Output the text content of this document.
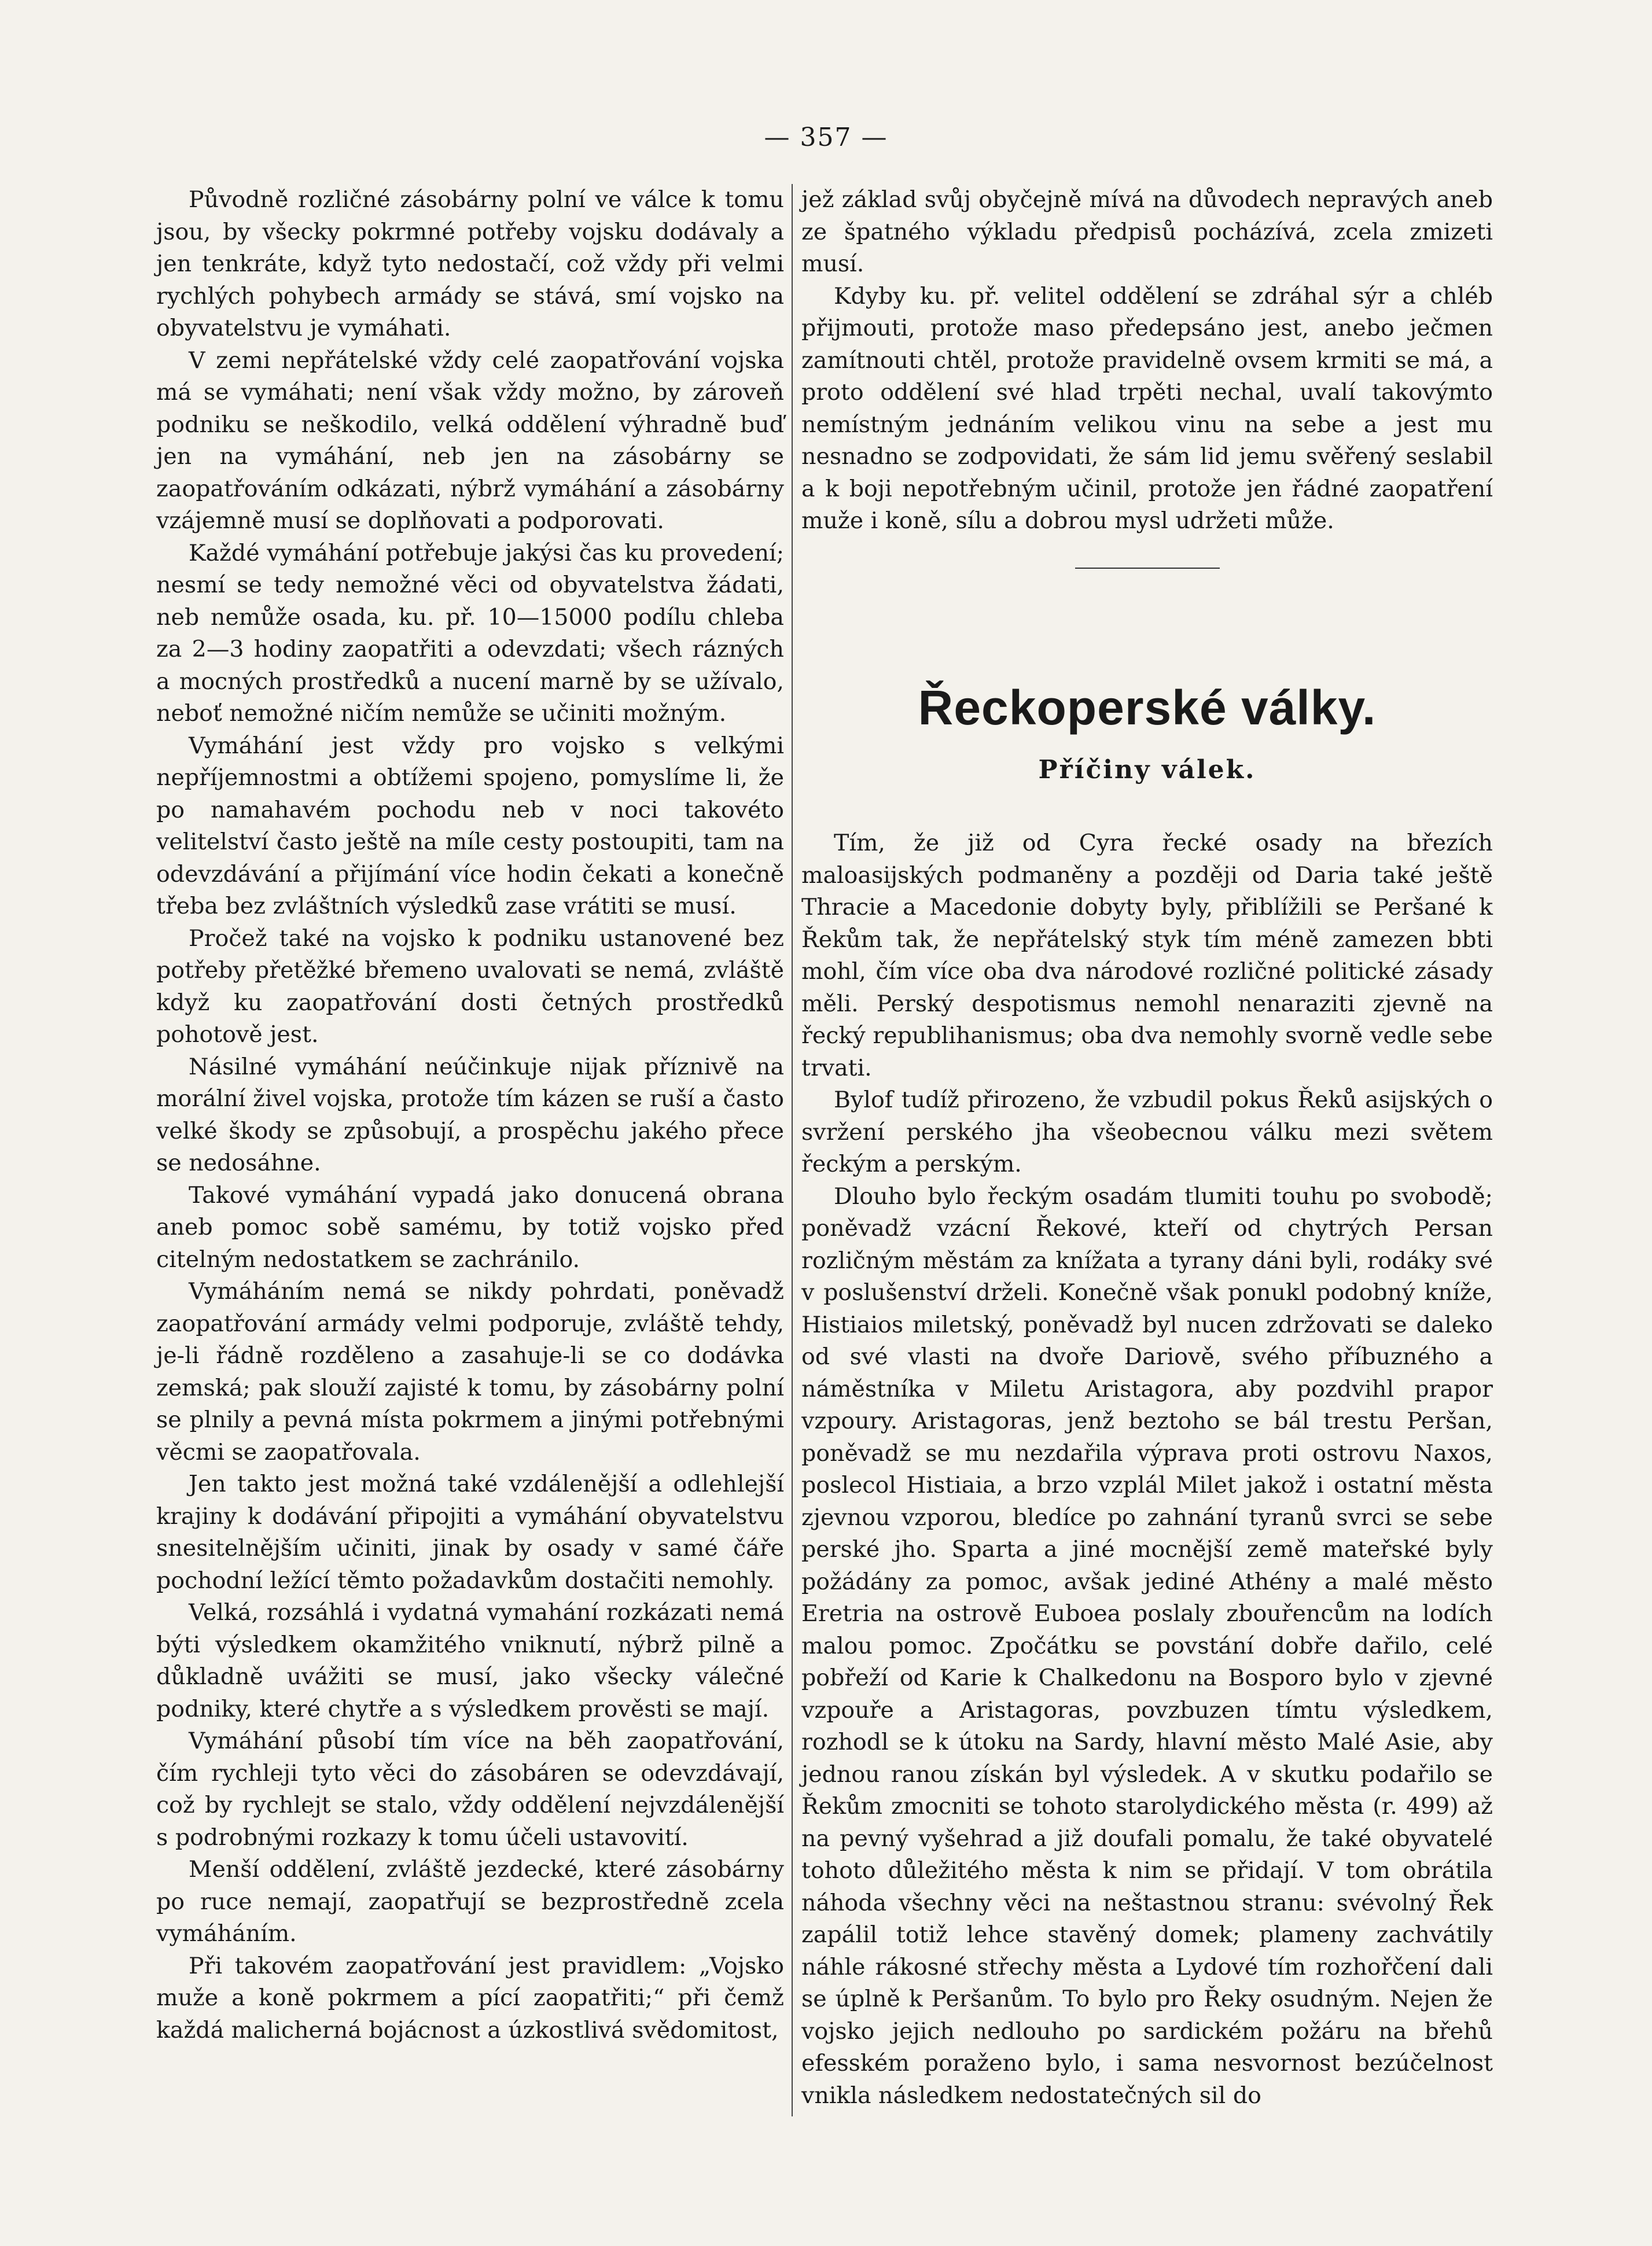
— 357 —

Původně rozličné zásobárny polní ve válce k tomu jsou, by všecky pokrmné potřeby vojsku dodávaly a jen tenkráte, když tyto nedostačí, což vždy při velmi rychlých pohybech armády se stává, smí vojsko na obyvatelstvu je vymáhati.

V zemi nepřátelské vždy celé zaopatřování vojska má se vymáhati; není však vždy možno, by zároveň podniku se neškodilo, velká oddělení výhradně buď jen na vymáhání, neb jen na zásobárny se zaopatřováním odkázati, nýbrž vymáhání a zásobárny vzájemně musí se doplňovati a podporovati.

Každé vymáhání potřebuje jakýsi čas ku provedení; nesmí se tedy nemožné věci od obyvatelstva žádati, neb nemůže osada, ku. př. 10—15000 podílu chleba za 2—3 hodiny zaopatřiti a odevzdati; všech rázných a mocných prostředků a nucení marně by se užívalo, neboť nemožné ničím nemůže se učiniti možným.

Vymáhání jest vždy pro vojsko s velkými nepříjemnostmi a obtížemi spojeno, pomyslíme li, že po namahavém pochodu neb v noci takovéto velitelství často ještě na míle cesty postoupiti, tam na odevzdávání a přijímání více hodin čekati a konečně třeba bez zvláštních výsledků zase vrátiti se musí.

Pročež také na vojsko k podniku ustanovené bez potřeby přetěžké břemeno uvalovati se nemá, zvláště když ku zaopatřování dosti četných prostředků pohotově jest.

Násilné vymáhání neúčinkuje nijak příznivě na morální živel vojska, protože tím kázen se ruší a často velké škody se způsobují, a prospěchu jakého přece se nedosáhne.

Takové vymáhání vypadá jako donucená obrana aneb pomoc sobě samému, by totiž vojsko před citelným nedostatkem se zachránilo.

Vymáháním nemá se nikdy pohrdati, poněvadž zaopatřování armády velmi podporuje, zvláště tehdy, je-li řádně rozděleno a zasahuje-li se co dodávka zemská; pak slouží zajisté k tomu, by zásobárny polní se plnily a pevná místa pokrmem a jinými potřebnými věcmi se zaopatřovala.

Jen takto jest možná také vzdálenější a odlehlejší krajiny k dodávání připojiti a vymáhání obyvatelstvu snesitelnějším učiniti, jinak by osady v samé čáře pochodní ležící těmto požadavkům dostačiti nemohly.

Velká, rozsáhlá i vydatná vymahání rozkázati nemá býti výsledkem okamžitého vniknutí, nýbrž pilně a důkladně uvážiti se musí, jako všecky válečné podniky, které chytře a s výsledkem prověsti se mají.

Vymáhání působí tím více na běh zaopatřování, čím rychleji tyto věci do zásobáren se odevzdávají, což by rychlejt se stalo, vždy oddělení nejvzdálenější s podrobnými rozkazy k tomu účeli ustavovití.

Menší oddělení, zvláště jezdecké, které zásobárny po ruce nemají, zaopatřují se bezprostředně zcela vymáháním.

Při takovém zaopatřování jest pravidlem: „Vojsko muže a koně pokrmem a pící zaopatřiti;“ při čemž každá malicherná bojácnost a úzkostlivá svědomitost,

jež základ svůj obyčejně mívá na důvodech nepravých aneb ze špatného výkladu předpisů pocházívá, zcela zmizeti musí.

Kdyby ku. př. velitel oddělení se zdráhal sýr a chléb přijmouti, protože maso předepsáno jest, anebo ječmen zamítnouti chtěl, protože pravidelně ovsem krmiti se má, a proto oddělení své hlad trpěti nechal, uvalí takovýmto nemístným jednáním velikou vinu na sebe a jest mu nesnadno se zodpovidati, že sám lid jemu svěřený seslabil a k boji nepotřebným učinil, protože jen řádné zaopatření muže i koně, sílu a dobrou mysl udržeti může.

Řeckoperské války.
Příčiny válek.

Tím, že již od Cyra řecké osady na březích maloasijských podmaněny a později od Daria také ještě Thracie a Macedonie dobyty byly, přiblížili se Peršané k Řekům tak, že nepřátelský styk tím méně zamezen bbti mohl, čím více oba dva národové rozličné politické zásady měli. Perský despotismus nemohl nenaraziti zjevně na řecký republihanismus; oba dva nemohly svorně vedle sebe trvati.

Bylof tudíž přirozeno, že vzbudil pokus Řeků asijských o svržení perského jha všeobecnou válku mezi světem řeckým a perským.

Dlouho bylo řeckým osadám tlumiti touhu po svobodě; poněvadž vzácní Řekové, kteří od chytrých Persan rozličným městám za knížata a tyrany dáni byli, rodáky své v poslušenství drželi. Konečně však ponukl podobný kníže, Histiaios miletský, poněvadž byl nucen zdržovati se daleko od své vlasti na dvoře Dariově, svého příbuzného a náměstníka v Miletu Aristagora, aby pozdvihl prapor vzpoury. Aristagoras, jenž beztoho se bál trestu Peršan, poněvadž se mu nezdařila výprava proti ostrovu Naxos, poslecol Histiaia, a brzo vzplál Milet jakož i ostatní města zjevnou vzporou, bledíce po zahnání tyranů svrci se sebe perské jho. Sparta a jiné mocnější země mateřské byly požádány za pomoc, avšak jediné Athény a malé město Eretria na ostrově Euboea poslaly zbouřencům na lodích malou pomoc. Zpočátku se povstání dobře dařilo, celé pobřeží od Karie k Chalkedonu na Bosporo bylo v zjevné vzpouře a Aristagoras, povzbuzen tímtu výsledkem, rozhodl se k útoku na Sardy, hlavní město Malé Asie, aby jednou ranou získán byl výsledek. A v skutku podařilo se Řekům zmocniti se tohoto starolydického města (r. 499) až na pevný vyšehrad a již doufali pomalu, že také obyvatelé tohoto důležitého města k nim se přidají. V tom obrátila náhoda všechny věci na neštastnou stranu: svévolný Řek zapálil totiž lehce stavěný domek; plameny zachvátily náhle rákosné střechy města a Lydové tím rozhořčení dali se úplně k Peršanům. To bylo pro Řeky osudným. Nejen že vojsko jejich nedlouho po sardickém požáru na břehů efesském poraženo bylo, i sama nesvornost bezúčelnost vnikla následkem nedostatečných sil do
